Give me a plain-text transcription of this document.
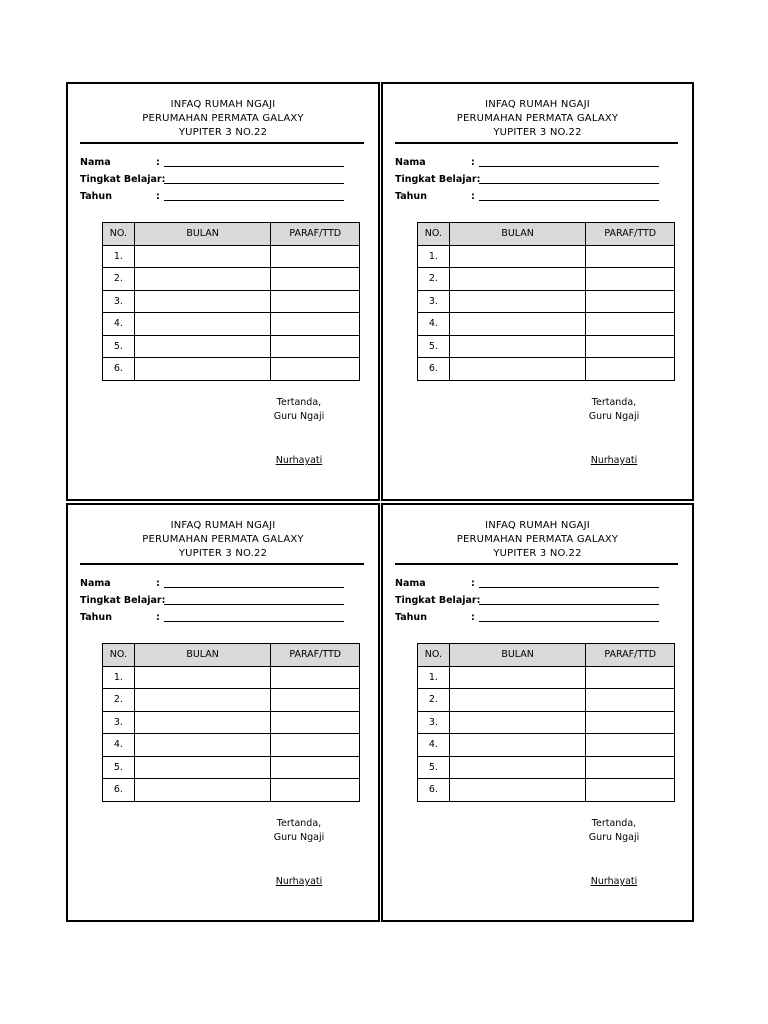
INFAQ RUMAH NGAJI
PERUMAHAN PERMATA GALAXY
YUPITER 3 NO.22
Nama	:
Tingkat Belajar:
Tahun	:
NO.	BULAN	PARAF/TTD
1.		
2.		
3.		
4.		
5.		
6.		
Tertanda,
Guru Ngaji
Nurhayati
INFAQ RUMAH NGAJI
PERUMAHAN PERMATA GALAXY
YUPITER 3 NO.22
Nama	:
Tingkat Belajar:
Tahun	:
NO.	BULAN	PARAF/TTD
1.		
2.		
3.		
4.		
5.		
6.		
Tertanda,
Guru Ngaji
Nurhayati
INFAQ RUMAH NGAJI
PERUMAHAN PERMATA GALAXY
YUPITER 3 NO.22
Nama	:
Tingkat Belajar:
Tahun	:
NO.	BULAN	PARAF/TTD
1.		
2.		
3.		
4.		
5.		
6.		
Tertanda,
Guru Ngaji
Nurhayati
INFAQ RUMAH NGAJI
PERUMAHAN PERMATA GALAXY
YUPITER 3 NO.22
Nama	:
Tingkat Belajar:
Tahun	:
NO.	BULAN	PARAF/TTD
1.		
2.		
3.		
4.		
5.		
6.		
Tertanda,
Guru Ngaji
Nurhayati
